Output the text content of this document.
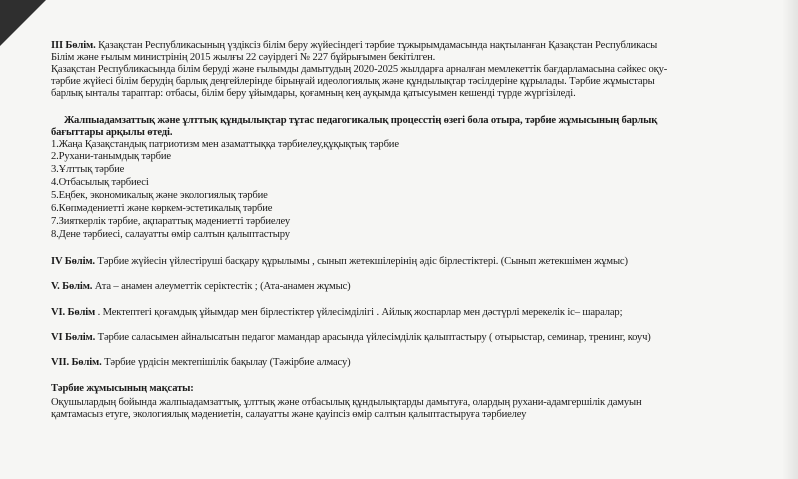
III Бөлім. Қазақстан Республикасының үздіксіз білім беру жүйесіндегі тәрбие тұжырымдамасында нақтыланған Қазақстан Республикасы
Білім және ғылым министрінің 2015 жылғы 22 сәуірдегі № 227 бұйрығымен бекітілген.
Қазақстан Республикасында білім беруді және ғылымды дамытудың 2020-2025 жылдарға арналған мемлекеттік бағдарламасына сәйкес оқу-
тәрбие жүйесі білім берудің барлық деңгейлерінде бірыңғай идеологиялық және құндылықтар тәсілдеріне құрылады. Тәрбие жұмыстары
барлық ынталы тараптар: отбасы, білім беру ұйымдары, қоғамның кең ауқымда қатысуымен кешенді түрде жүргізіледі.
Жалпыадамзаттық және ұлттық құндылықтар тұтас педагогикалық процесстің өзегі бола отыра, тәрбие жұмысының барлық
бағыттары арқылы өтеді.
1.Жаңа Қазақстандық патриотизм мен азаматтыққа тәрбиелеу,құқықтық тәрбие
2.Рухани-танымдық тәрбие
3.Ұлттық тәрбие
4.Отбасылық тәрбиесі
5.Еңбек, экономикалық және экологиялық тәрбие
6.Көпмәдениетті және көркем-эстетикалық тәрбие
7.Зияткерлік тәрбие, ақпараттық мәдениетті тәрбиелеу
8.Дене тәрбиесі, салауатты өмір салтын қалыптастыру
IV Бөлім. Тәрбие жүйесін үйлестіруші басқару құрылымы , сынып жетекшілерінің әдіс бірлестіктері. (Сынып жетекшімен жұмыс)
V. Бөлім. Ата – анамен әлеуметтік серіктестік ; (Ата-анамен жұмыс)
VI. Бөлім . Мектептегі қоғамдық ұйымдар мен бірлестіктер үйлесімділігі . Айлық жоспарлар мен дәстүрлі мерекелік іс– шаралар;
VI Бөлім. Тәрбие саласымен айналысатын педагог мамандар арасында үйлесімділік қалыптастыру ( отырыстар, семинар, тренинг, коуч)
VII. Бөлім. Тәрбие үрдісін мектепішілік бақылау (Тәжірбие алмасу)
Тәрбие жұмысының мақсаты:
Оқушылардың бойында жалпыадамзаттық, ұлттық және отбасылық құндылықтарды дамытуға, олардың рухани-адамгершілік дамуын
қамтамасыз етуге, экологиялық мәдениетін, салауатты және қауіпсіз өмір салтын қалыптастыруға тәрбиелеу
